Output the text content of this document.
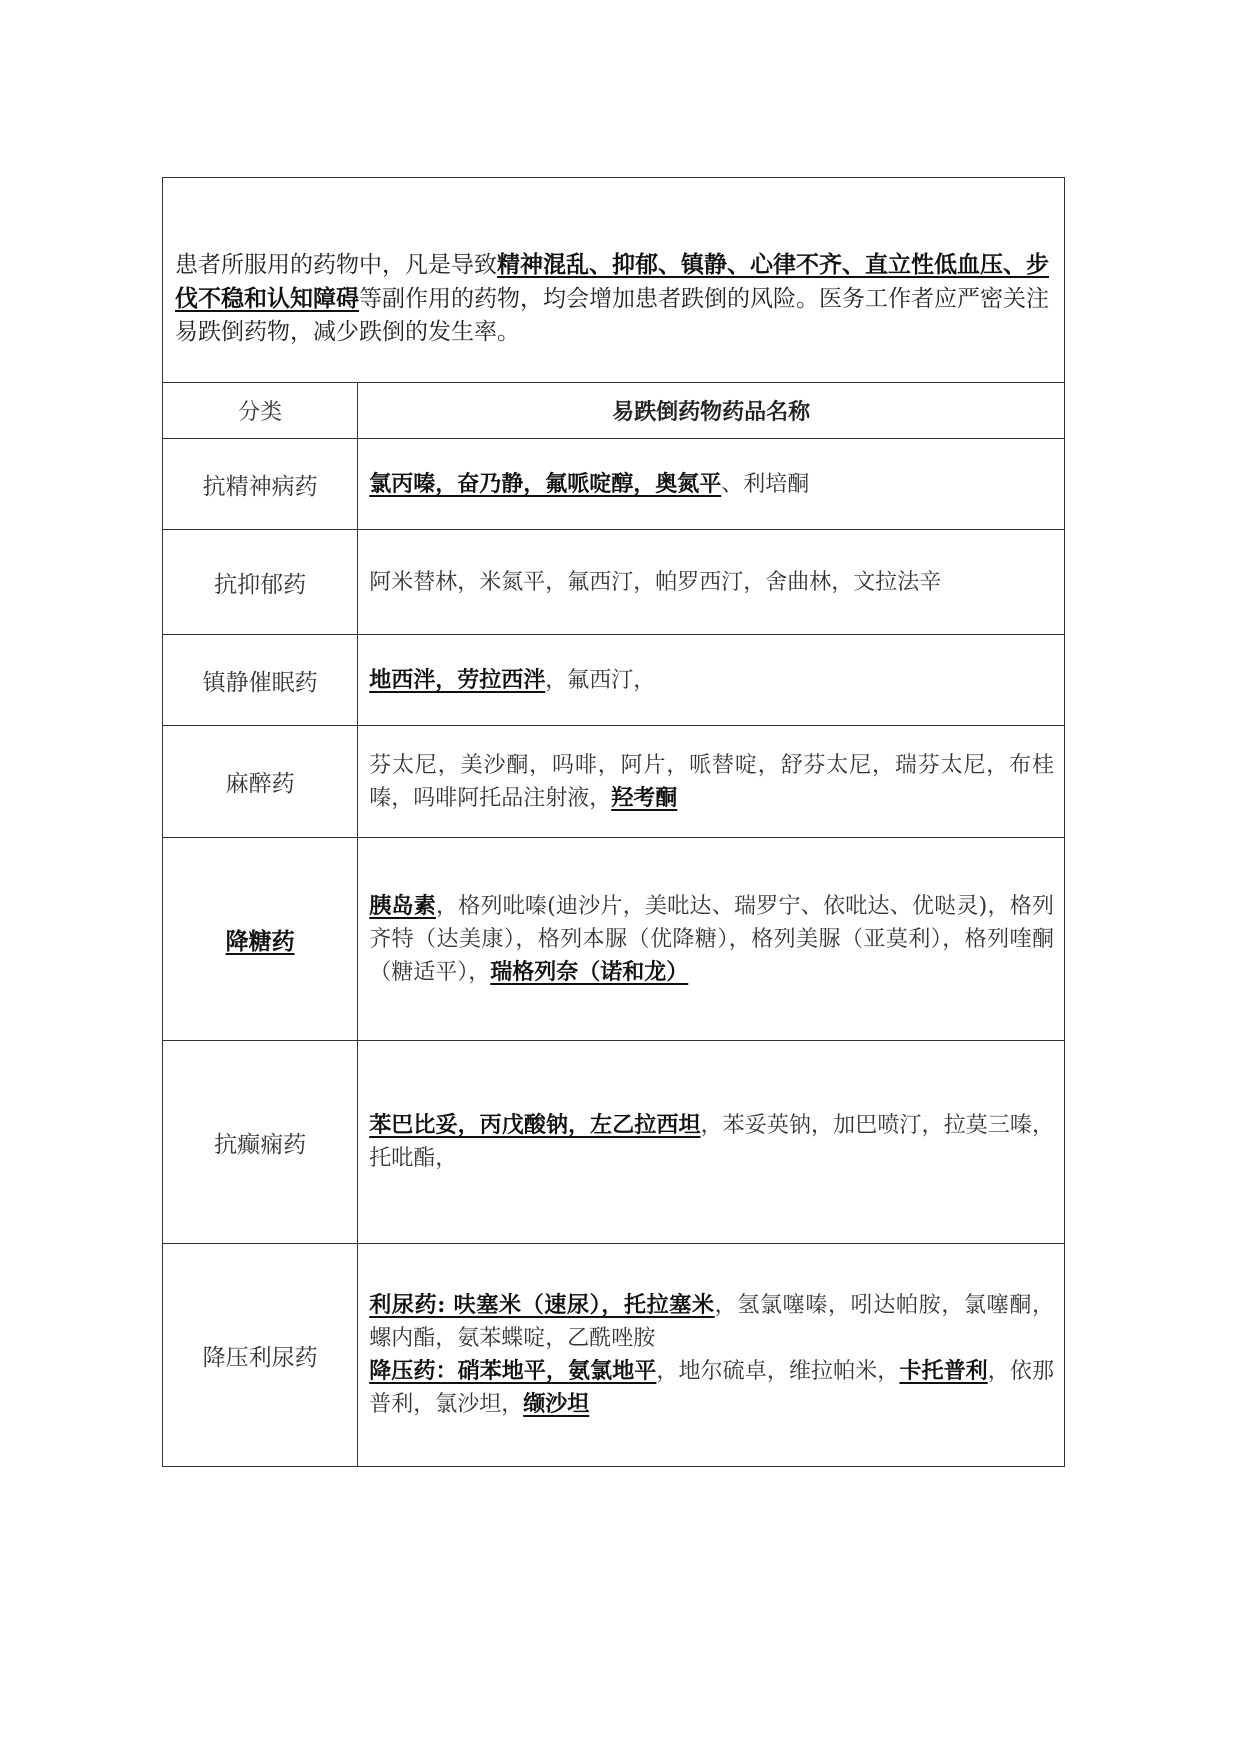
患者所服用的药物中，凡是导致精神混乱、抑郁、镇静、心律不齐、直立性低血压、步伐不稳和认知障碍等副作用的药物，均会增加患者跌倒的风险。医务工作者应严密关注易跌倒药物，减少跌倒的发生率。	

分类	易跌倒药物药品名称
抗精神病药	氯丙嗪，奋乃静，氟哌啶醇，奥氮平、利培酮
抗抑郁药	阿米替林，米氮平，氟西汀，帕罗西汀，舍曲林，文拉法辛
镇静催眠药	地西泮，劳拉西泮，氟西汀，
麻醉药	芬太尼，美沙酮，吗啡，阿片，哌替啶，舒芬太尼，瑞芬太尼，布桂嗪，吗啡阿托品注射液，羟考酮
降糖药	胰岛素，格列吡嗪(迪沙片，美吡达、瑞罗宁、依吡达、优哒灵)，格列齐特（达美康），格列本脲（优降糖），格列美脲（亚莫利），格列喹酮（糖适平），瑞格列奈（诺和龙）
抗癫痫药	苯巴比妥，丙戊酸钠，左乙拉西坦，苯妥英钠，加巴喷汀，拉莫三嗪，托吡酯，
降压利尿药	利尿药: 呋塞米（速尿），托拉塞米，氢氯噻嗪，吲达帕胺，氯噻酮，螺内酯，氨苯蝶啶，乙酰唑胺
降压药：硝苯地平，氨氯地平，地尔硫卓，维拉帕米，卡托普利，依那普利，氯沙坦，缬沙坦
